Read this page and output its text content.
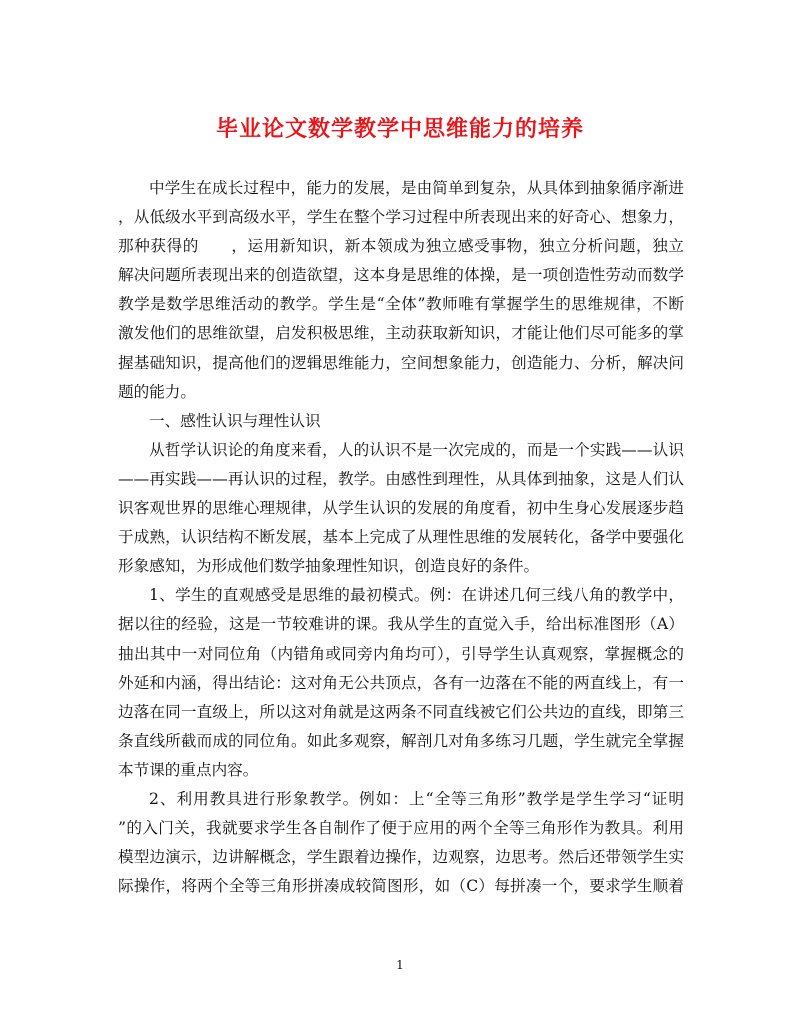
毕业论文数学教学中思维能力的培养
中学生在成长过程中，能力的发展，是由简单到复杂，从具体到抽象循序渐进
，从低级水平到高级水平，学生在整个学习过程中所表现出来的好奇心、想象力，
那种获得的　　，运用新知识，新本领成为独立感受事物，独立分析问题，独立
解决问题所表现出来的创造欲望，这本身是思维的体操，是一项创造性劳动而数学
教学是数学思维活动的教学。学生是“全体”教师唯有掌握学生的思维规律，不断
激发他们的思维欲望，启发积极思维，主动获取新知识，才能让他们尽可能多的掌
握基础知识，提高他们的逻辑思维能力，空间想象能力，创造能力、分析，解决问
题的能力。
一、感性认识与理性认识
从哲学认识论的角度来看，人的认识不是一次完成的，而是一个实践——认识
——再实践——再认识的过程，教学。由感性到理性，从具体到抽象，这是人们认
识客观世界的思维心理规律，从学生认识的发展的角度看，初中生身心发展逐步趋
于成熟，认识结构不断发展，基本上完成了从理性思维的发展转化，备学中要强化
形象感知，为形成他们数学抽象理性知识，创造良好的条件。
1、学生的直观感受是思维的最初模式。例：在讲述几何三线八角的教学中，
据以往的经验，这是一节较难讲的课。我从学生的直觉入手，给出标准图形（A）
抽出其中一对同位角（内错角或同旁内角均可），引导学生认真观察，掌握概念的
外延和内涵，得出结论：这对角无公共顶点，各有一边落在不能的两直线上，有一
边落在同一直级上，所以这对角就是这两条不同直线被它们公共边的直线，即第三
条直线所截而成的同位角。如此多观察，解剖几对角多练习几题，学生就完全掌握
本节课的重点内容。
2、利用教具进行形象教学。例如：上“全等三角形”教学是学生学习“证明
”的入门关，我就要求学生各自制作了便于应用的两个全等三角形作为教具。利用
模型边演示，边讲解概念，学生跟着边操作，边观察，边思考。然后还带领学生实
际操作，将两个全等三角形拼凑成较简图形，如（C）每拼凑一个，要求学生顺着
1
